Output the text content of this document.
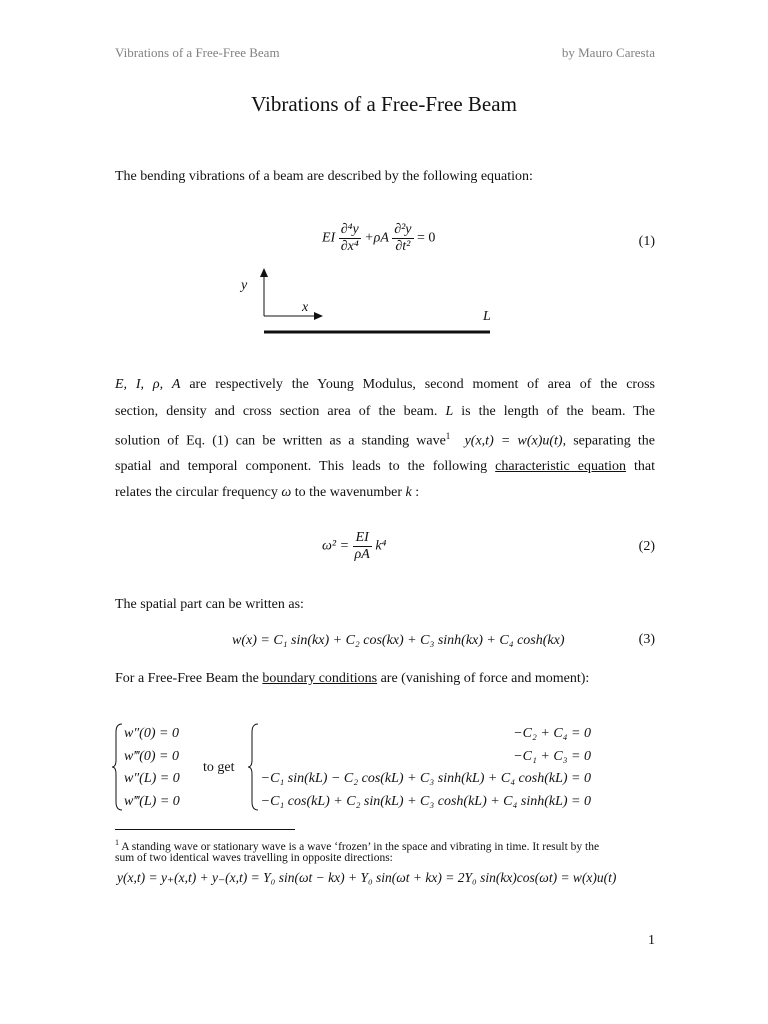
Vibrations of a Free-Free Beam	by Mauro Caresta
Vibrations of a Free-Free Beam
The bending vibrations of a beam are described by the following equation:
EI $\frac{\text{∂⁴y}}{\text{∂x⁴}} +\rho A \frac{\text{∂²y}}{\text{∂t²}} = 0$	(1)
y
x
L
E, I, ρ, A are respectively the Young Modulus, second moment of area of the cross
section, density and cross section area of the beam. L is the length of the beam. The
solution of Eq. (1) can be written as a standing wave$^1$ y(x,t) = w(x)u(t), separating the
spatial and temporal component. This leads to the following characteristic equation that
relates the circular frequency ω to the wavenumber k :
$\omega^2 = \frac{EI}{\rho A} k^4$	(2)
The spatial part can be written as:
w(x) = C₁ sin(kx) + C₂ cos(kx) + C₃ sinh(kx) + C₄ cosh(kx)	(3)
For a Free-Free Beam the boundary conditions are (vanishing of force and moment):
w″(0) = 0
w‴(0) = 0
w″(L) = 0
w‴(L) = 0
to get
−C₂ + C₄ = 0
−C₁ + C₃ = 0
−C₁ sin(kL) − C₂ cos(kL) + C₃ sinh(kL) + C₄ cosh(kL) = 0
−C₁ cos(kL) + C₂ sin(kL) + C₃ cosh(kL) + C₄ sinh(kL) = 0
$^1$ A standing wave or stationary wave is a wave ‘frozen’ in the space and vibrating in time. It result by the
sum of two identical waves travelling in opposite directions:
y(x,t) = y₊(x,t) + y₋(x,t) = Y₀ sin(ωt − kx) + Y₀ sin(ωt + kx) = 2Y₀ sin(kx)cos(ωt) = w(x)u(t)
1
